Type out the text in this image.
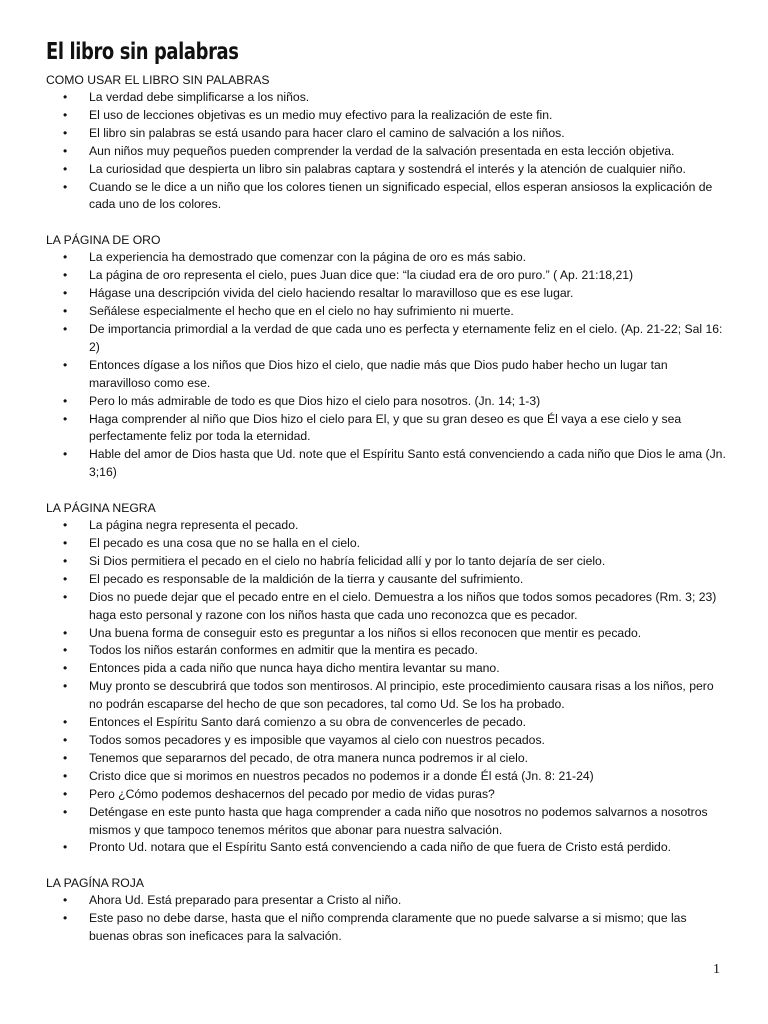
El libro sin palabras

COMO USAR EL LIBRO SIN PALABRAS

• La verdad debe simplificarse a los niños.
• El uso de lecciones objetivas es un medio muy efectivo para la realización de este fin.
• El libro sin palabras se está usando para hacer claro el camino de salvación a los niños.
• Aun niños muy pequeños pueden comprender la verdad de la salvación presentada en esta lección objetiva.
• La curiosidad que despierta un libro sin palabras captara y sostendrá el interés y la atención de cualquier niño.
• Cuando se le dice a un niño que los colores tienen un significado especial, ellos esperan ansiosos la explicación de cada uno de los colores.

LA PÁGINA DE ORO

• La experiencia ha demostrado que comenzar con la página de oro es más sabio.
• La página de oro representa el cielo, pues Juan dice que: “la ciudad era de oro puro.” ( Ap. 21:18,21)
• Hágase una descripción vivida del cielo haciendo resaltar lo maravilloso que es ese lugar.
• Señálese especialmente el hecho que en el cielo no hay sufrimiento ni muerte.
• De importancia primordial a la verdad de que cada uno es perfecta y eternamente feliz en el cielo. (Ap. 21-22; Sal 16: 2)
• Entonces dígase a los niños que Dios hizo el cielo, que nadie más que Dios pudo haber hecho un lugar tan maravilloso como ese.
• Pero lo más admirable de todo es que Dios hizo el cielo para nosotros. (Jn. 14; 1-3)
• Haga comprender al niño que Dios hizo el cielo para El, y que su gran deseo es que Él vaya a ese cielo y sea perfectamente feliz por toda la eternidad.
• Hable del amor de Dios hasta que Ud. note que el Espíritu Santo está convenciendo a cada niño que Dios le ama (Jn. 3;16)

LA PÁGINA NEGRA

• La página negra representa el pecado.
• El pecado es una cosa que no se halla en el cielo.
• Si Dios permitiera el pecado en el cielo no habría felicidad allí y por lo tanto dejaría de ser cielo.
• El pecado es responsable de la maldición de la tierra y causante del sufrimiento.
• Dios no puede dejar que el pecado entre en el cielo. Demuestra a los niños que todos somos pecadores (Rm. 3; 23) haga esto personal y razone con los niños hasta que cada uno reconozca que es pecador.
• Una buena forma de conseguir esto es preguntar a los niños si ellos reconocen que mentir es pecado.
• Todos los niños estarán conformes en admitir que la mentira es pecado.
• Entonces pida a cada niño que nunca haya dicho mentira levantar su mano.
• Muy pronto se descubrirá que todos son mentirosos. Al principio, este procedimiento causara risas a los niños, pero no podrán escaparse del hecho de que son pecadores, tal como Ud. Se los ha probado.
• Entonces el Espíritu Santo dará comienzo a su obra de convencerles de pecado.
• Todos somos pecadores y es imposible que vayamos al cielo con nuestros pecados.
• Tenemos que separarnos del pecado, de otra manera nunca podremos ir al cielo.
• Cristo dice que si morimos en nuestros pecados no podemos ir a donde Él está (Jn. 8: 21-24)
• Pero ¿Cómo podemos deshacernos del pecado por medio de vidas puras?
• Deténgase en este punto hasta que haga comprender a cada niño que nosotros no podemos salvarnos a nosotros mismos y que tampoco tenemos méritos que abonar para nuestra salvación.
• Pronto Ud. notara que el Espíritu Santo está convenciendo a cada niño de que fuera de Cristo está perdido.

LA PAGÍNA ROJA

• Ahora Ud. Está preparado para presentar a Cristo al niño.
• Este paso no debe darse, hasta que el niño comprenda claramente que no puede salvarse a si mismo; que las buenas obras son ineficaces para la salvación.
1
